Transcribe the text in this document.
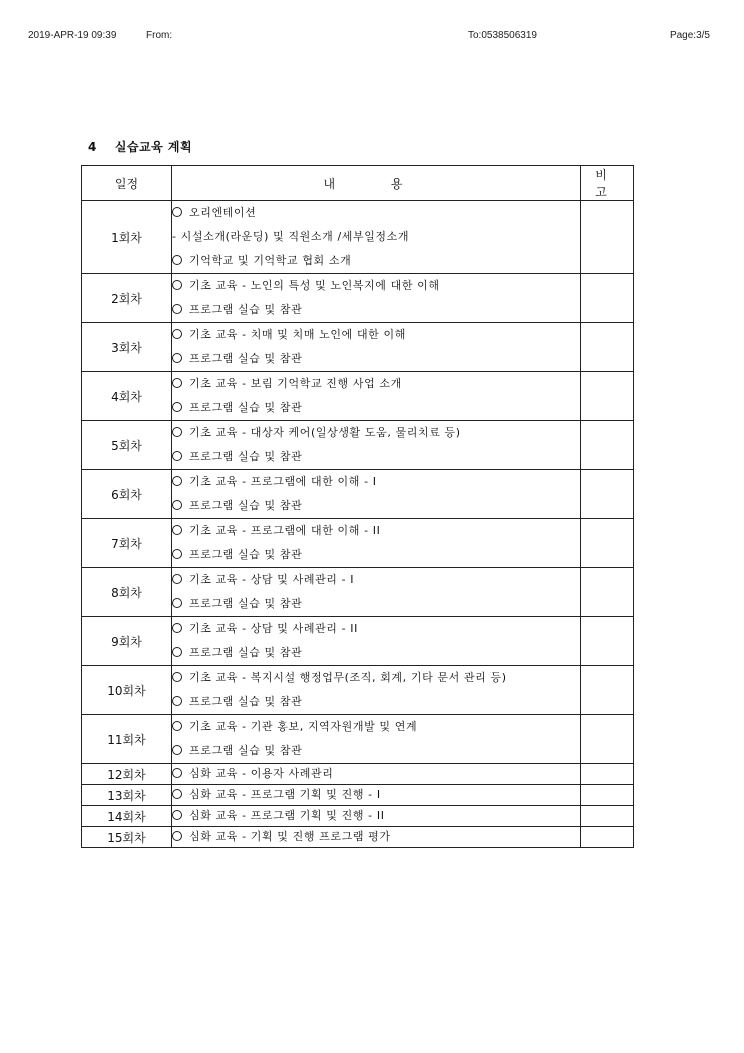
2019-APR-19 09:39	From:	To:0538506319	Page:3/5
4 실습교육 계획
일정	내 용	비 고
1회차	오리엔테이션
- 시설소개(라운딩) 및 직원소개 /세부일정소개
기억학교 및 기억학교 협회 소개	

2회차	기초 교육 - 노인의 특성 및 노인복지에 대한 이해
프로그램 실습 및 참관	

3회차	기초 교육 - 치매 및 치매 노인에 대한 이해
프로그램 실습 및 참관	

4회차	기초 교육 - 보림 기억학교 진행 사업 소개
프로그램 실습 및 참관	

5회차	기초 교육 - 대상자 케어(일상생활 도움, 물리치료 등)
프로그램 실습 및 참관	

6회차	기초 교육 - 프로그램에 대한 이해 - I
프로그램 실습 및 참관	

7회차	기초 교육 - 프로그램에 대한 이해 - II
프로그램 실습 및 참관	

8회차	기초 교육 - 상담 및 사례관리 - I
프로그램 실습 및 참관	

9회차	기초 교육 - 상담 및 사례관리 - II
프로그램 실습 및 참관	

10회차	기초 교육 - 복지시설 행정업무(조직, 회계, 기타 문서 관리 등)
프로그램 실습 및 참관	

11회차	기초 교육 - 기관 홍보, 지역자원개발 및 연계
프로그램 실습 및 참관	

12회차	심화 교육 - 이용자 사례관리	

13회차	심화 교육 - 프로그램 기획 및 진행 - I	

14회차	심화 교육 - 프로그램 기획 및 진행 - II	

15회차	심화 교육 - 기획 및 진행 프로그램 평가	
